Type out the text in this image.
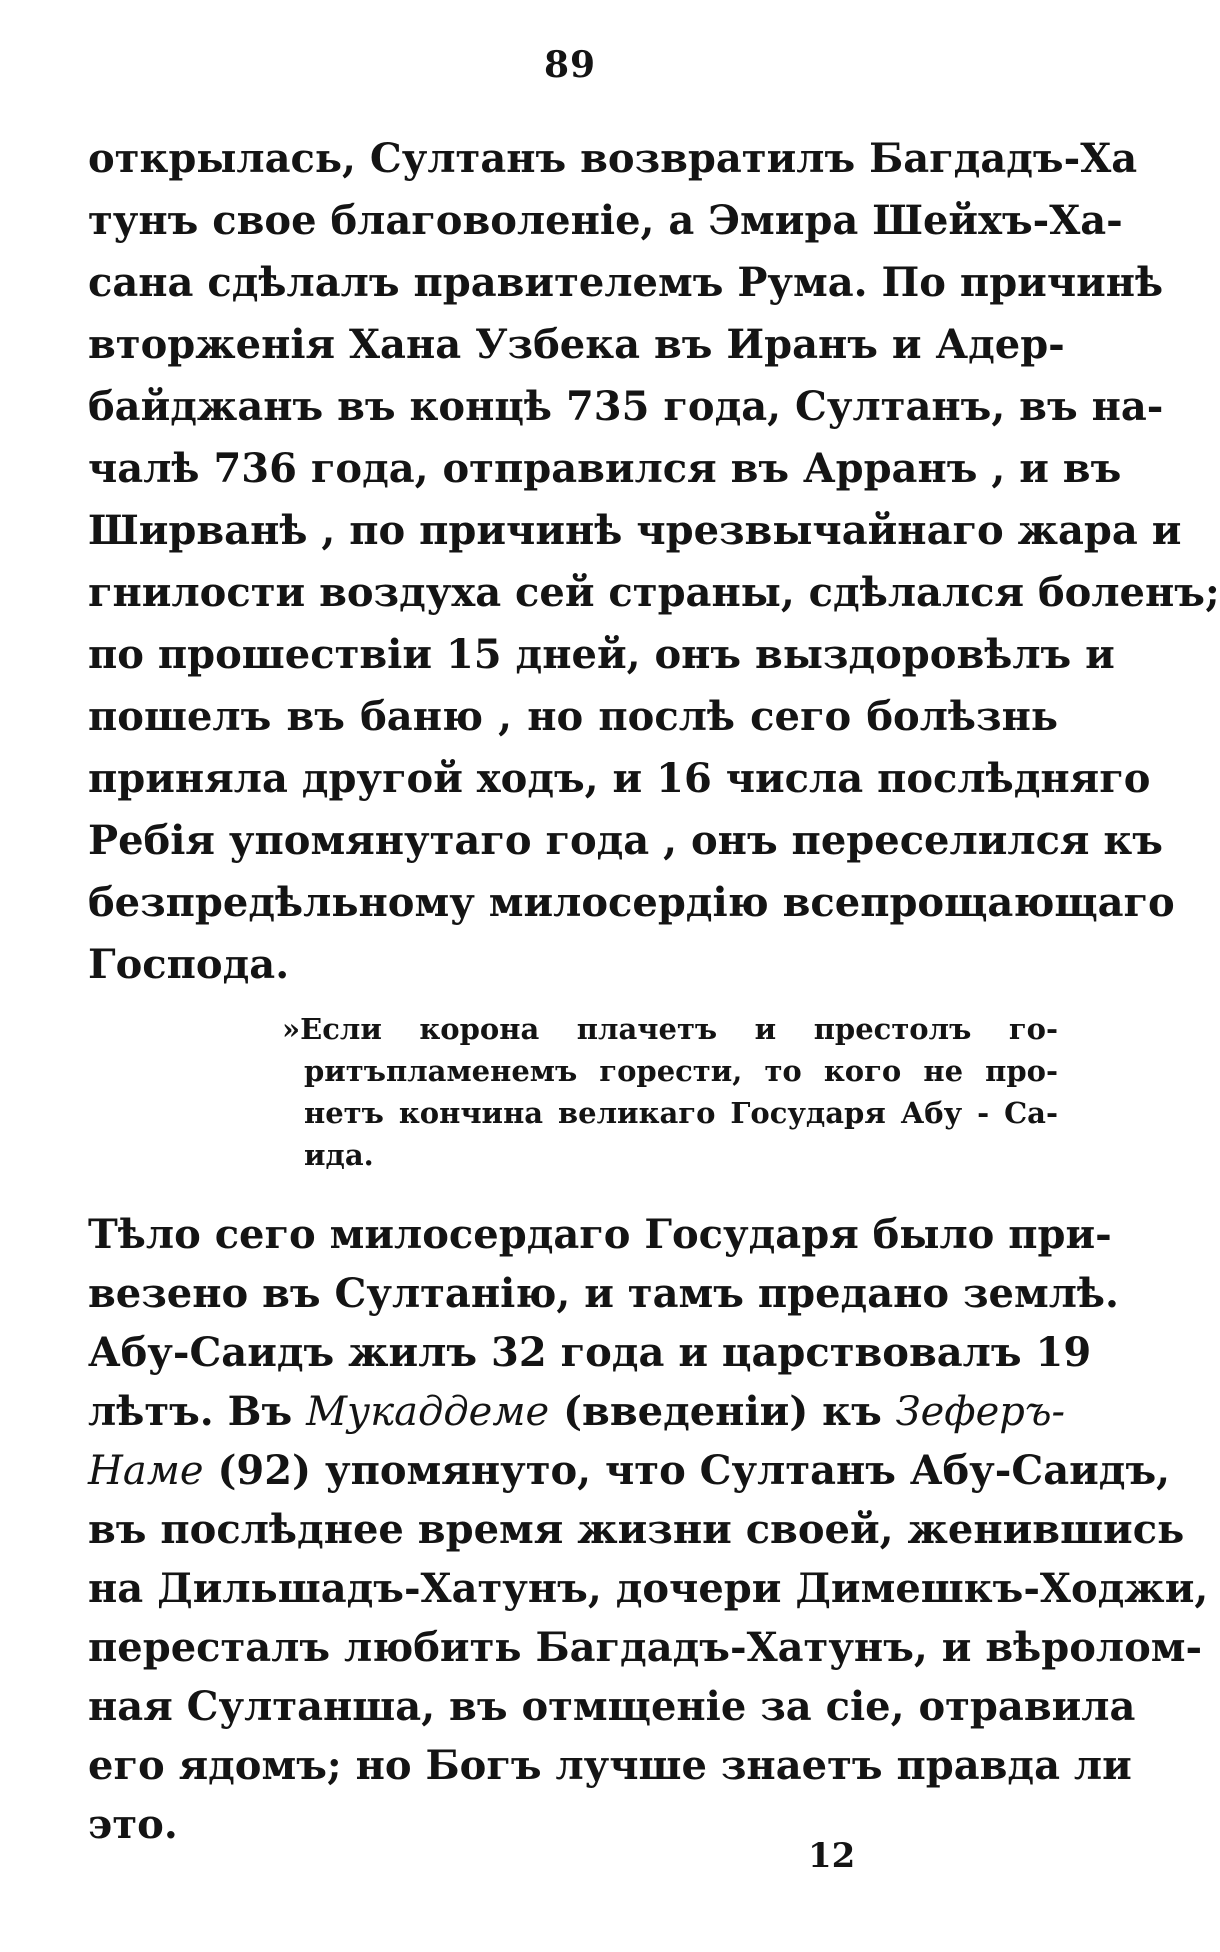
89
открылась, Султанъ возвратилъ Багдадъ-Ха
тунъ свое благоволеніе, а Эмира Шейхъ-Ха-
сана сдѣлалъ правителемъ Рума. По причинѣ
вторженія Хана Узбека въ Иранъ и Адер-
байджанъ въ концѣ 735 года, Султанъ, въ на-
чалѣ 736 года, отправился въ Арранъ , и въ
Ширванѣ , по причинѣ чрезвычайнаго жара и
гнилости воздуха сей страны, сдѣлался боленъ;
по прошествіи 15 дней, онъ выздоровѣлъ и
пошелъ въ баню , но послѣ сего болѣзнь
приняла другой ходъ, и 16 числа послѣдняго
Ребія упомянутаго года , онъ переселился къ
безпредѣльному милосердію всепрощающаго
Господа.
»Если корона плачетъ и престолъ го-
ритъпламенемъ горести, то кого не про-
нетъ кончина великаго Государя Абу - Са-
ида.
Тѣло сего милосердаго Государя было при-
везено въ Султанію, и тамъ предано землѣ.
Абу-Саидъ жилъ 32 года и царствовалъ 19
лѣтъ. Въ Мукаддеме (введеніи) къ Зеферъ-
Наме (92) упомянуто, что Султанъ Абу-Саидъ,
въ послѣднее время жизни своей, женившись
на Дильшадъ-Хатунъ, дочери Димешкъ-Ходжи,
пересталъ любить Багдадъ-Хатунъ, и вѣролом-
ная Султанша, въ отмщеніе за сіе, отравила
его ядомъ; но Богъ лучше знаетъ правда ли
это.
12
